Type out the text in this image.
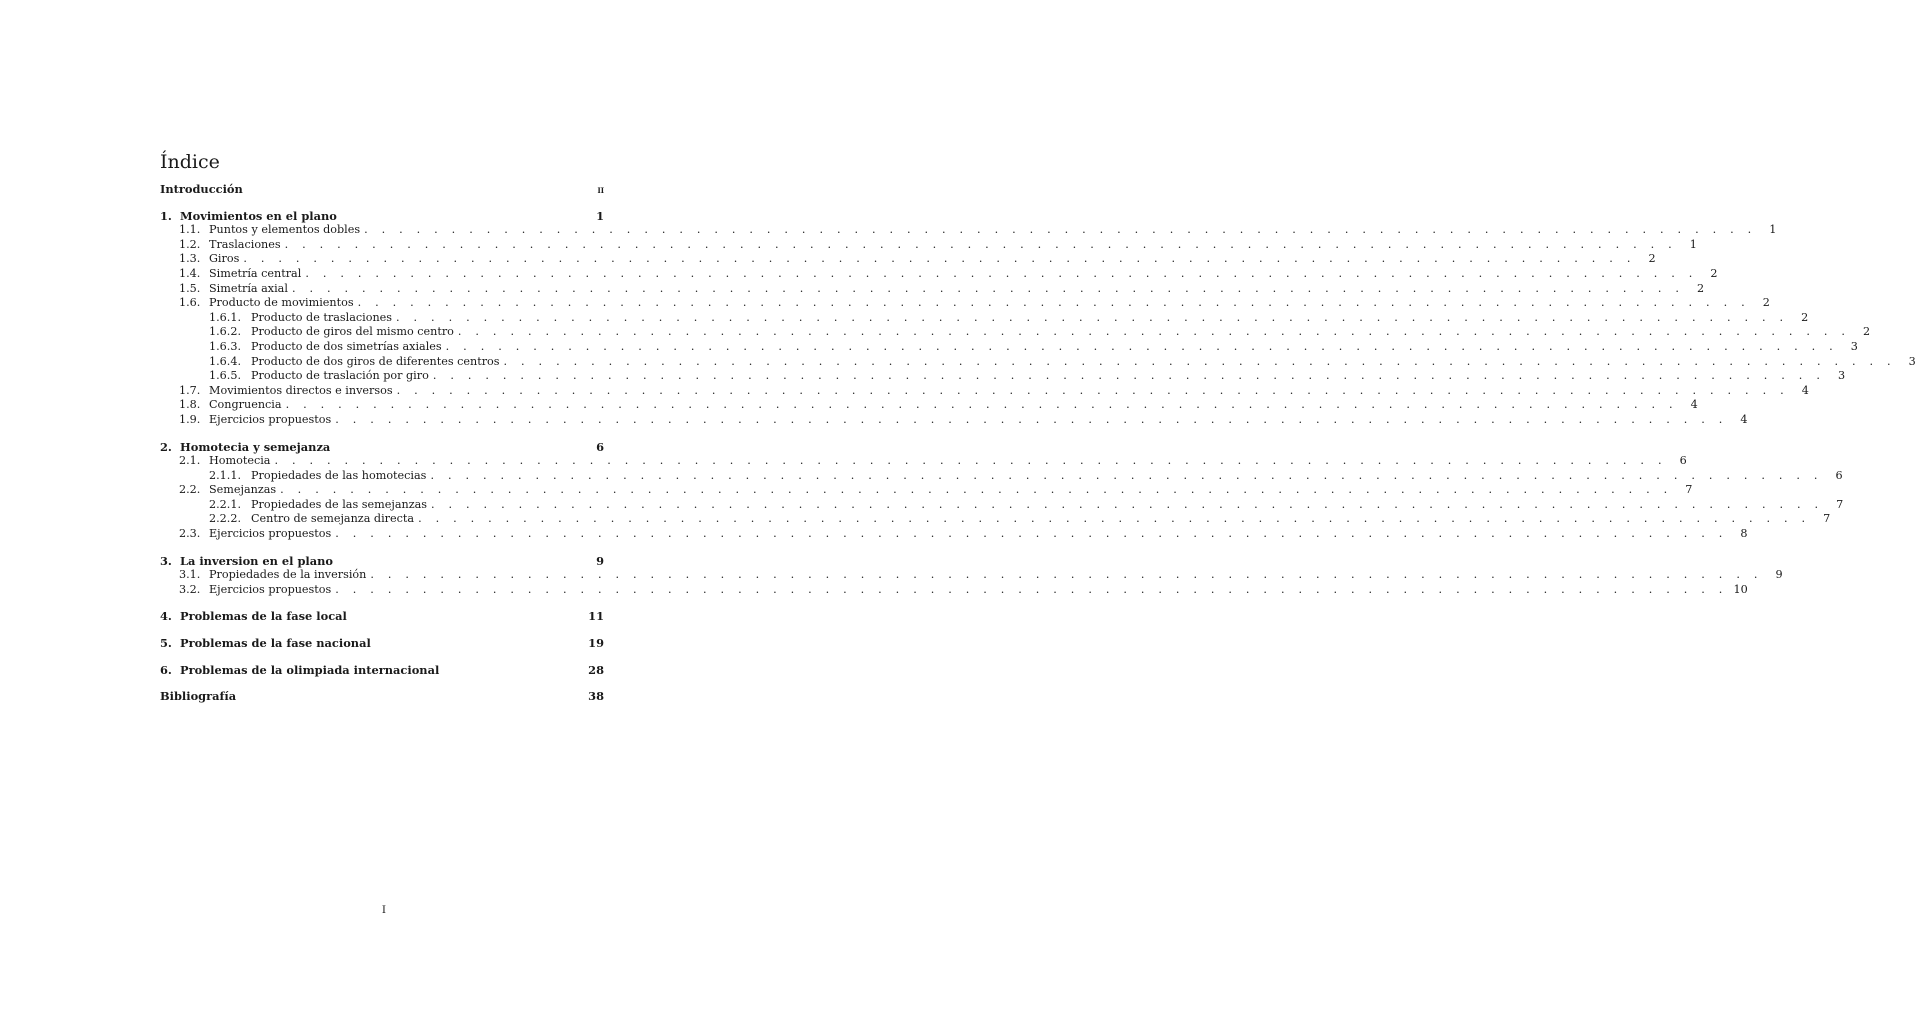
Índice
Introducción	ii
1. Movimientos en el plano	1
1.1. Puntos y elementos dobles . . . . . . . . . . . . . . . . . . . . . . . . . . . . . . . . . . . . . . . . . . . . . . . . . . . . . . . . . . . . . . . . . . . . . . . . . . . . . . . .	1
1.2. Traslaciones . . . . . . . . . . . . . . . . . . . . . . . . . . . . . . . . . . . . . . . . . . . . . . . . . . . . . . . . . . . . . . . . . . . . . . . . . . . . . . . .	1
1.3. Giros . . . . . . . . . . . . . . . . . . . . . . . . . . . . . . . . . . . . . . . . . . . . . . . . . . . . . . . . . . . . . . . . . . . . . . . . . . . . . . . .	2
1.4. Simetría central . . . . . . . . . . . . . . . . . . . . . . . . . . . . . . . . . . . . . . . . . . . . . . . . . . . . . . . . . . . . . . . . . . . . . . . . . . . . . . . .	2
1.5. Simetría axial . . . . . . . . . . . . . . . . . . . . . . . . . . . . . . . . . . . . . . . . . . . . . . . . . . . . . . . . . . . . . . . . . . . . . . . . . . . . . . . .	2
1.6. Producto de movimientos . . . . . . . . . . . . . . . . . . . . . . . . . . . . . . . . . . . . . . . . . . . . . . . . . . . . . . . . . . . . . . . . . . . . . . . . . . . . . . . .	2
1.6.1. Producto de traslaciones . . . . . . . . . . . . . . . . . . . . . . . . . . . . . . . . . . . . . . . . . . . . . . . . . . . . . . . . . . . . . . . . . . . . . . . . . . . . . . . .	2
1.6.2. Producto de giros del mismo centro . . . . . . . . . . . . . . . . . . . . . . . . . . . . . . . . . . . . . . . . . . . . . . . . . . . . . . . . . . . . . . . . . . . . . . . . . . . . . . . .	2
1.6.3. Producto de dos simetrías axiales . . . . . . . . . . . . . . . . . . . . . . . . . . . . . . . . . . . . . . . . . . . . . . . . . . . . . . . . . . . . . . . . . . . . . . . . . . . . . . . .	3
1.6.4. Producto de dos giros de diferentes centros . . . . . . . . . . . . . . . . . . . . . . . . . . . . . . . . . . . . . . . . . . . . . . . . . . . . . . . . . . . . . . . . . . . . . . . . . . . . . . . .	3
1.6.5. Producto de traslación por giro . . . . . . . . . . . . . . . . . . . . . . . . . . . . . . . . . . . . . . . . . . . . . . . . . . . . . . . . . . . . . . . . . . . . . . . . . . . . . . . .	3
1.7. Movimientos directos e inversos . . . . . . . . . . . . . . . . . . . . . . . . . . . . . . . . . . . . . . . . . . . . . . . . . . . . . . . . . . . . . . . . . . . . . . . . . . . . . . . .	4
1.8. Congruencia . . . . . . . . . . . . . . . . . . . . . . . . . . . . . . . . . . . . . . . . . . . . . . . . . . . . . . . . . . . . . . . . . . . . . . . . . . . . . . . .	4
1.9. Ejercicios propuestos . . . . . . . . . . . . . . . . . . . . . . . . . . . . . . . . . . . . . . . . . . . . . . . . . . . . . . . . . . . . . . . . . . . . . . . . . . . . . . . .	4
2. Homotecia y semejanza	6
2.1. Homotecia . . . . . . . . . . . . . . . . . . . . . . . . . . . . . . . . . . . . . . . . . . . . . . . . . . . . . . . . . . . . . . . . . . . . . . . . . . . . . . . .	6
2.1.1. Propiedades de las homotecias . . . . . . . . . . . . . . . . . . . . . . . . . . . . . . . . . . . . . . . . . . . . . . . . . . . . . . . . . . . . . . . . . . . . . . . . . . . . . . . .	6
2.2. Semejanzas . . . . . . . . . . . . . . . . . . . . . . . . . . . . . . . . . . . . . . . . . . . . . . . . . . . . . . . . . . . . . . . . . . . . . . . . . . . . . . . .	7
2.2.1. Propiedades de las semejanzas . . . . . . . . . . . . . . . . . . . . . . . . . . . . . . . . . . . . . . . . . . . . . . . . . . . . . . . . . . . . . . . . . . . . . . . . . . . . . . . .	7
2.2.2. Centro de semejanza directa . . . . . . . . . . . . . . . . . . . . . . . . . . . . . . . . . . . . . . . . . . . . . . . . . . . . . . . . . . . . . . . . . . . . . . . . . . . . . . . .	7
2.3. Ejercicios propuestos . . . . . . . . . . . . . . . . . . . . . . . . . . . . . . . . . . . . . . . . . . . . . . . . . . . . . . . . . . . . . . . . . . . . . . . . . . . . . . . .	8
3. La inversion en el plano	9
3.1. Propiedades de la inversión . . . . . . . . . . . . . . . . . . . . . . . . . . . . . . . . . . . . . . . . . . . . . . . . . . . . . . . . . . . . . . . . . . . . . . . . . . . . . . . .	9
3.2. Ejercicios propuestos . . . . . . . . . . . . . . . . . . . . . . . . . . . . . . . . . . . . . . . . . . . . . . . . . . . . . . . . . . . . . . . . . . . . . . . . . . . . . . . . 10
4. Problemas de la fase local	11
5. Problemas de la fase nacional	19
6. Problemas de la olimpiada internacional	28
Bibliografía	38
I
